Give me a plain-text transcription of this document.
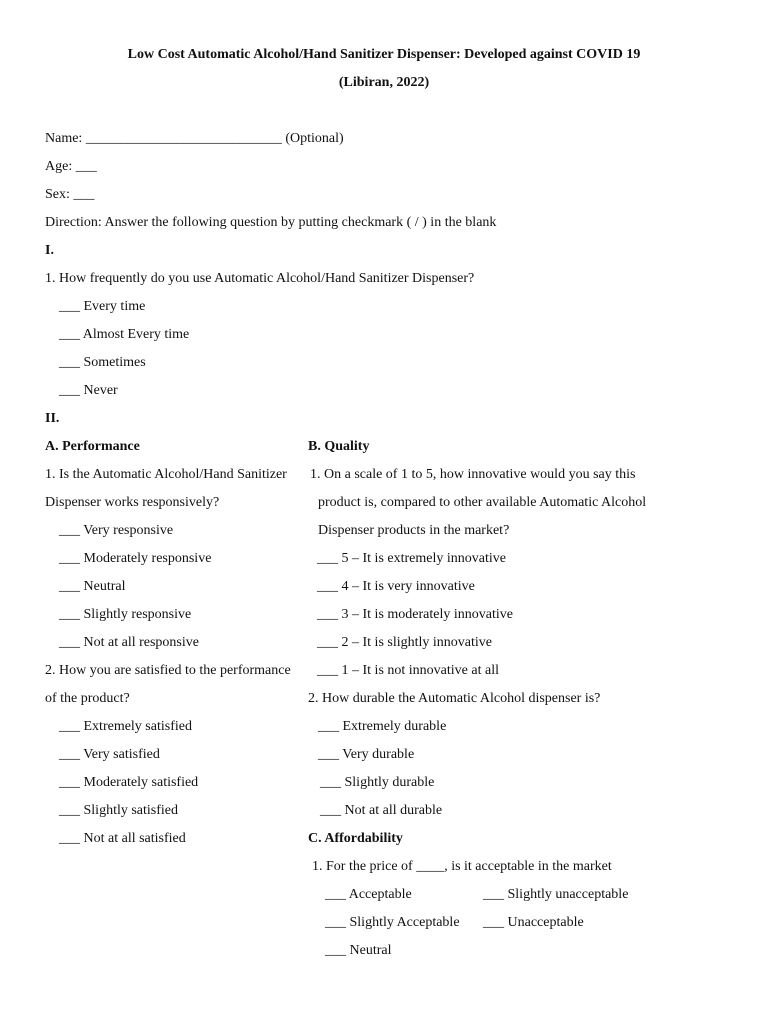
Low Cost Automatic Alcohol/Hand Sanitizer Dispenser: Developed against COVID 19
(Libiran, 2022)
Name: ____________________________ (Optional)
Age: ___
Sex: ___
Direction: Answer the following question by putting checkmark ( / ) in the blank
I.
1. How frequently do you use Automatic Alcohol/Hand Sanitizer Dispenser?
___ Every time
___ Almost Every time
___ Sometimes
___ Never
II.
A. Performance
1. Is the Automatic Alcohol/Hand Sanitizer
Dispenser works responsively?
___ Very responsive
___ Moderately responsive
___ Neutral
___ Slightly responsive
___ Not at all responsive
2. How you are satisfied to the performance
of the product?
___ Extremely satisfied
___ Very satisfied
___ Moderately satisfied
___ Slightly satisfied
___ Not at all satisfied
B. Quality
1. On a scale of 1 to 5, how innovative would you say this
product is, compared to other available Automatic Alcohol
Dispenser products in the market?
___ 5 – It is extremely innovative
___ 4 – It is very innovative
___ 3 – It is moderately innovative
___ 2 – It is slightly innovative
___ 1 – It is not innovative at all
2. How durable the Automatic Alcohol dispenser is?
___ Extremely durable
___ Very durable
___ Slightly durable
___ Not at all durable
C. Affordability
1. For the price of ____, is it acceptable in the market
___ Acceptable	___ Slightly unacceptable
___ Slightly Acceptable ___ Unacceptable
___ Neutral
